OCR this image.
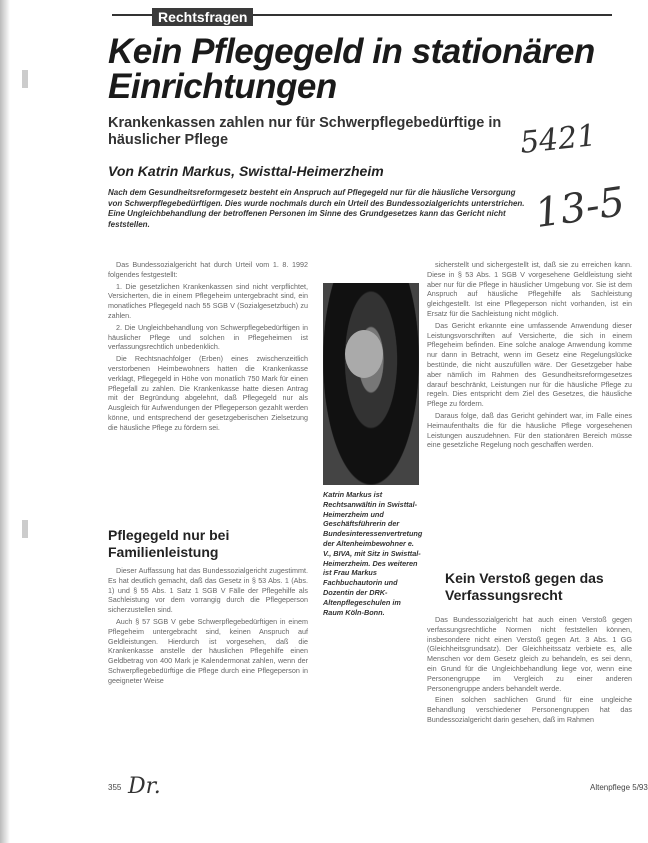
Rechtsfragen
Kein Pflegegeld in stationären Einrichtungen
Krankenkassen zahlen nur für Schwerpflegebedürftige in häuslicher Pflege
Von Katrin Markus, Swisttal-Heimerzheim
Nach dem Gesundheitsreformgesetz besteht ein Anspruch auf Pflegegeld nur für die häusliche Versorgung von Schwerpflegebedürftigen. Dies wurde nochmals durch ein Urteil des Bundessozialgerichts unterstrichen. Eine Ungleichbehandlung der betroffenen Personen im Sinne des Grundgesetzes kann das Gericht nicht feststellen.
5421
13-5

Das Bundessozialgericht hat durch Urteil vom 1. 8. 1992 folgendes festgestellt:

1. Die gesetzlichen Krankenkassen sind nicht verpflichtet, Versicherten, die in einem Pflegeheim untergebracht sind, ein monatliches Pflegegeld nach 55 SGB V (Sozialgesetzbuch) zu zahlen.

2. Die Ungleichbehandlung von Schwerpflegebedürftigen in häuslicher Pflege und solchen in Pflegeheimen ist verfassungsrechtlich unbedenklich.

Die Rechtsnachfolger (Erben) eines zwischenzeitlich verstorbenen Heimbewohners hatten die Krankenkasse verklagt, Pflegegeld in Höhe von monatlich 750 Mark für einen Pflegefall zu zahlen. Die Krankenkasse hatte diesen Antrag mit der Begründung abgelehnt, daß Pflegegeld nur als Ausgleich für Aufwendungen der Pflegeperson gezahlt werden könne, und entsprechend der gesetzgeberischen Zielsetzung die häusliche Pflege zu fördern sei.

Pflegegeld nur bei Familienleistung

Dieser Auffassung hat das Bundessozialgericht zugestimmt. Es hat deutlich gemacht, daß das Gesetz in § 53 Abs. 1 (Abs. 1) und § 55 Abs. 1 Satz 1 SGB V Fälle der Pflegehilfe als Sachleistung vor dem vorrangig durch die Pflegeperson sicherzustellen sind.

Auch § 57 SGB V gebe Schwerpflegebedürftigen in einem Pflegeheim untergebracht sind, keinen Anspruch auf Geldleistungen. Hierdurch ist vorgesehen, daß die Krankenkasse anstelle der häuslichen Pflegehilfe einen Geldbetrag von 400 Mark je Kalendermonat zahlen, wenn der Schwerpflegebedürftige die Pflege durch eine Pflegeperson in geeigneter Weise

Katrin Markus ist Rechtsanwältin in Swisttal-Heimerzheim und Geschäftsführerin der Bundesinteressenvertretung der Altenheimbewohner e. V., BIVA, mit Sitz in Swisttal-Heimerzheim. Des weiteren ist Frau Markus Fachbuchautorin und Dozentin der DRK-Altenpflegeschulen im Raum Köln-Bonn.

sicherstellt und sichergestellt ist, daß sie zu erreichen kann. Diese in § 53 Abs. 1 SGB V vorgesehene Geldleistung sieht aber nur für die Pflege in häuslicher Umgebung vor. Sie ist dem Anspruch auf häusliche Pflegehilfe als Sachleistung gleichgestellt. Ist eine Pflegeperson nicht vorhanden, ist ein Ersatz für die Sachleistung nicht möglich.

Das Gericht erkannte eine umfassende Anwendung dieser Leistungsvorschriften auf Versicherte, die sich in einem Pflegeheim befinden. Eine solche analoge Anwendung komme nur dann in Betracht, wenn im Gesetz eine Regelungslücke bestünde, die nicht auszufüllen wäre. Der Gesetzgeber habe aber nämlich im Rahmen des Gesundheitsreformgesetzes darauf beschränkt, Leistungen nur für die häusliche Pflege zu regeln. Dies entspricht dem Ziel des Gesetzes, die häusliche Pflege zu fördern.

Daraus folge, daß das Gericht gehindert war, im Falle eines Heimaufenthalts die für die häusliche Pflege vorgesehenen Leistungen auszudehnen. Für den stationären Bereich müsse eine gesetzliche Regelung noch geschaffen werden.

Kein Verstoß gegen das Verfassungsrecht

Das Bundessozialgericht hat auch einen Verstoß gegen verfassungsrechtliche Normen nicht feststellen können, insbesondere nicht einen Verstoß gegen Art. 3 Abs. 1 GG (Gleichheitsgrundsatz). Der Gleichheitssatz verbiete es, alle Menschen vor dem Gesetz gleich zu behandeln, es sei denn, ein Grund für die Ungleichbehandlung liege vor, wenn eine Personengruppe im Vergleich zu einer anderen Personengruppe anders behandelt werde.

Einen solchen sachlichen Grund für eine ungleiche Behandlung verschiedener Personengruppen hat das Bundessozialgericht darin gesehen, daß im Rahmen

355 Dr.	Altenpflege 5/93
